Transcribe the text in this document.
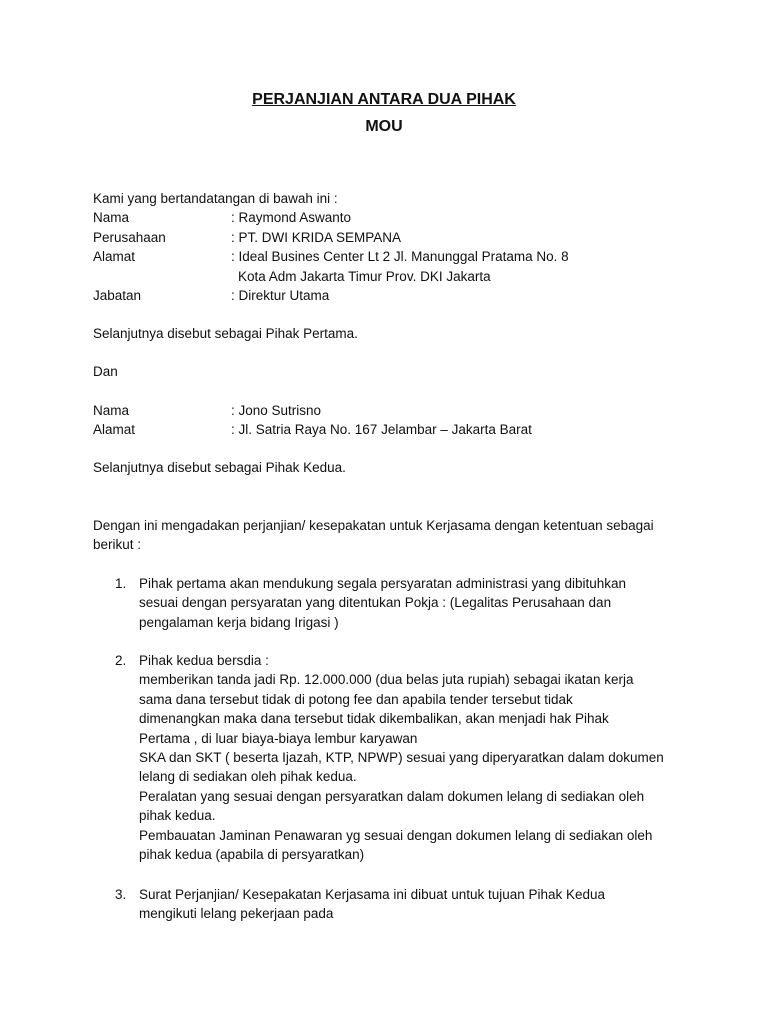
PERJANJIAN ANTARA DUA PIHAK
MOU
Kami yang bertandatangan di bawah ini :
Nama	: Raymond Aswanto
Perusahaan	: PT. DWI KRIDA SEMPANA
Alamat	: Ideal Busines Center Lt 2 Jl. Manunggal Pratama No. 8
Kota Adm Jakarta Timur Prov. DKI Jakarta
Jabatan	: Direktur Utama
Selanjutnya disebut sebagai Pihak Pertama.
Dan
Nama	: Jono Sutrisno
Alamat	: Jl. Satria Raya No. 167 Jelambar – Jakarta Barat
Selanjutnya disebut sebagai Pihak Kedua.
Dengan ini mengadakan perjanjian/ kesepakatan untuk Kerjasama dengan ketentuan sebagai
berikut :
1. Pihak pertama akan mendukung segala persyaratan administrasi yang dibituhkan
sesuai dengan persyaratan yang ditentukan Pokja : (Legalitas Perusahaan dan
pengalaman kerja bidang Irigasi )
2. Pihak kedua bersdia :
memberikan tanda jadi Rp. 12.000.000 (dua belas juta rupiah) sebagai ikatan kerja
sama dana tersebut tidak di potong fee dan apabila tender tersebut tidak
dimenangkan maka dana tersebut tidak dikembalikan, akan menjadi hak Pihak
Pertama , di luar biaya-biaya lembur karyawan
SKA dan SKT ( beserta Ijazah, KTP, NPWP) sesuai yang diperyaratkan dalam dokumen
lelang di sediakan oleh pihak kedua.
Peralatan yang sesuai dengan persyaratkan dalam dokumen lelang di sediakan oleh
pihak kedua.
Pembauatan Jaminan Penawaran yg sesuai dengan dokumen lelang di sediakan oleh
pihak kedua (apabila di persyaratkan)
3. Surat Perjanjian/ Kesepakatan Kerjasama ini dibuat untuk tujuan Pihak Kedua
mengikuti lelang pekerjaan pada
